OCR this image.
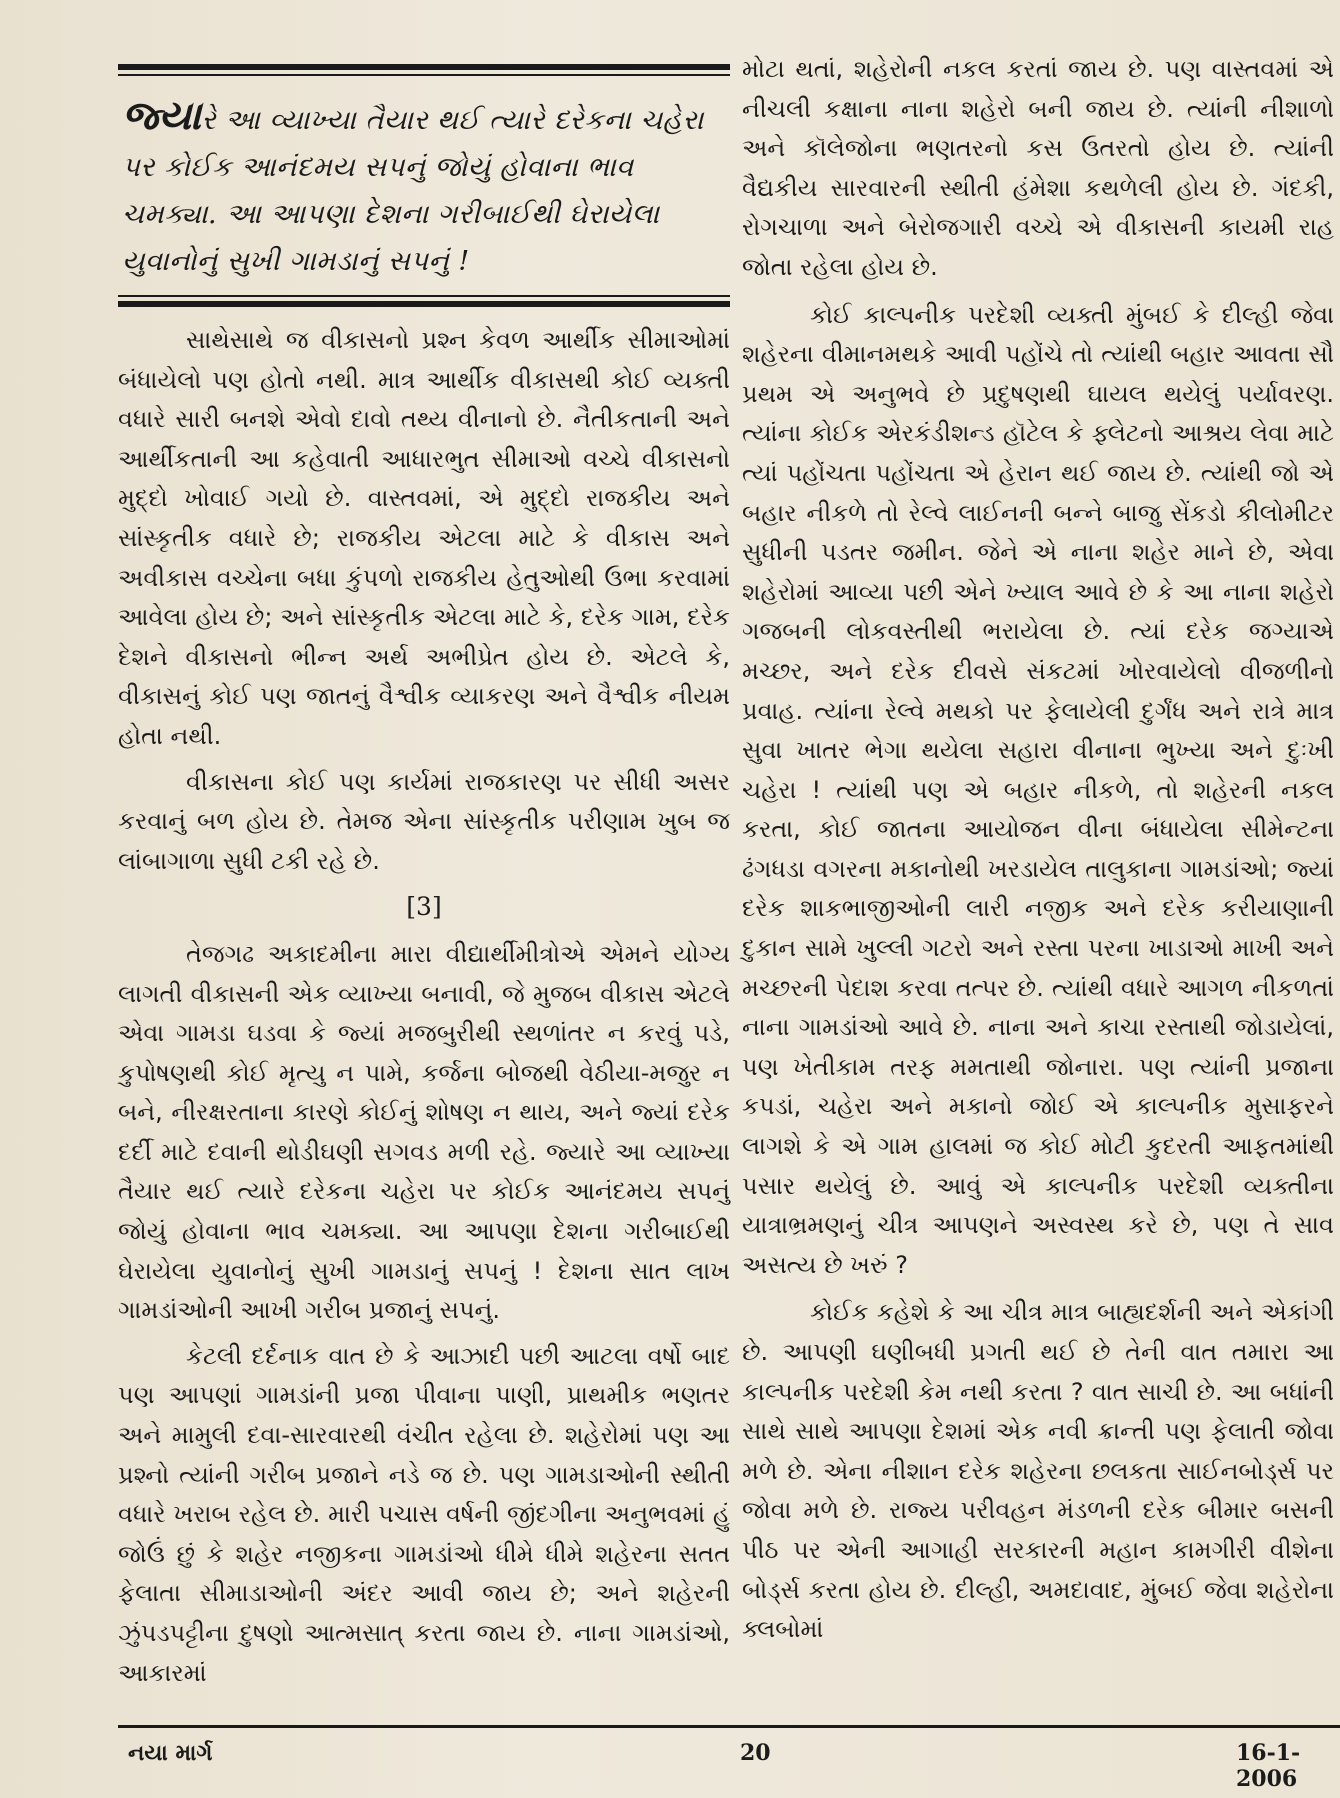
જ્યારે આ વ્યાખ્યા તૈયાર થઈ ત્યારે દરેકના ચહેરા પર કોઈક આનંદમય સપનું જોયું હોવાના ભાવ ચમક્યા. આ આપણા દેશના ગરીબાઈથી ઘેરાયેલા યુવાનોનું સુખી ગામડાનું સપનું !

સાથેસાથે જ વીકાસનો પ્રશ્ન કેવળ આર્થીક સીમાઓમાં બંધાયેલો પણ હોતો નથી. માત્ર આર્થીક વીકાસથી કોઈ વ્યક્તી વધારે સારી બનશે એવો દાવો તથ્ય વીનાનો છે. નૈતીકતાની અને આર્થીકતાની આ કહેવાતી આધારભુત સીમાઓ વચ્ચે વીકાસનો મુદ્દો ખોવાઈ ગયો છે. વાસ્તવમાં, એ મુદ્દો રાજકીય અને સાંસ્કૃતીક વધારે છે; રાજકીય એટલા માટે કે વીકાસ અને અવીકાસ વચ્ચેના બધા કુંપળો રાજકીય હેતુઓથી ઉભા કરવામાં આવેલા હોય છે; અને સાંસ્કૃતીક એટલા માટે કે, દરેક ગામ, દરેક દેશને વીકાસનો ભીન્ન અર્થ અભીપ્રેત હોય છે. એટલે કે, વીકાસનું કોઈ પણ જાતનું વૈશ્વીક વ્યાકરણ અને વૈશ્વીક નીયમ હોતા નથી.

વીકાસના કોઈ પણ કાર્યમાં રાજકારણ પર સીધી અસર કરવાનું બળ હોય છે. તેમજ એના સાંસ્કૃતીક પરીણામ ખુબ જ લાંબાગાળા સુધી ટકી રહે છે.

[3]

તેજગઢ અકાદમીના મારા વીદ્યાર્થીમીત્રોએ એમને યોગ્ય લાગતી વીકાસની એક વ્યાખ્યા બનાવી, જે મુજબ વીકાસ એટલે એવા ગામડા ઘડવા કે જ્યાં મજબુરીથી સ્થળાંતર ન કરવું પડે, કુપોષણથી કોઈ મૃત્યુ ન પામે, કર્જના બોજથી વેઠીયા-મજુર ન બને, નીરક્ષરતાના કારણે કોઈનું શોષણ ન થાય, અને જ્યાં દરેક દર્દી માટે દવાની થોડીઘણી સગવડ મળી રહે. જ્યારે આ વ્યાખ્યા તૈયાર થઈ ત્યારે દરેકના ચહેરા પર કોઈક આનંદમય સપનું જોયું હોવાના ભાવ ચમક્યા. આ આપણા દેશના ગરીબાઈથી ઘેરાયેલા યુવાનોનું સુખી ગામડાનું સપનું ! દેશના સાત લાખ ગામડાંઓની આખી ગરીબ પ્રજાનું સપનું.

કેટલી દર્દનાક વાત છે કે આઝાદી પછી આટલા વર્ષો બાદ પણ આપણાં ગામડાંની પ્રજા પીવાના પાણી, પ્રાથમીક ભણતર અને મામુલી દવા-સારવારથી વંચીત રહેલા છે. શહેરોમાં પણ આ પ્રશ્નો ત્યાંની ગરીબ પ્રજાને નડે જ છે. પણ ગામડાઓની સ્થીતી વધારે ખરાબ રહેલ છે. મારી પચાસ વર્ષની જીંદગીના અનુભવમાં હું જોઉં છું કે શહેર નજીકના ગામડાંઓ ધીમે ધીમે શહેરના સતત ફેલાતા સીમાડાઓની અંદર આવી જાય છે; અને શહેરની ઝુંપડપટ્ટીના દુષણો આત્મસાત્ કરતા જાય છે. નાના ગામડાંઓ, આકારમાં

મોટા થતાં, શહેરોની નકલ કરતાં જાય છે. પણ વાસ્તવમાં એ નીચલી કક્ષાના નાના શહેરો બની જાય છે. ત્યાંની નીશાળો અને કૉલેજોના ભણતરનો કસ ઉતરતો હોય છે. ત્યાંની વૈદ્યકીય સારવારની સ્થીતી હંમેશા કથળેલી હોય છે. ગંદકી, રોગચાળા અને બેરોજગારી વચ્ચે એ વીકાસની કાયમી રાહ જોતા રહેલા હોય છે.

કોઈ કાલ્પનીક પરદેશી વ્યક્તી મુંબઈ કે દીલ્હી જેવા શહેરના વીમાનમથકે આવી પહોંચે તો ત્યાંથી બહાર આવતા સૌ પ્રથમ એ અનુભવે છે પ્રદુષણથી ઘાયલ થયેલું પર્યાવરણ. ત્યાંના કોઈક એરકંડીશન્ડ હૉટેલ કે ફ્લેટનો આશ્રય લેવા માટે ત્યાં પહોંચતા પહોંચતા એ હેરાન થઈ જાય છે. ત્યાંથી જો એ બહાર નીકળે તો રેલ્વે લાઈનની બન્ને બાજુ સેંકડો કીલોમીટર સુધીની પડતર જમીન. જેને એ નાના શહેર માને છે, એવા શહેરોમાં આવ્યા પછી એને ખ્યાલ આવે છે કે આ નાના શહેરો ગજબની લોકવસ્તીથી ભરાયેલા છે. ત્યાં દરેક જગ્યાએ મચ્છર, અને દરેક દીવસે સંકટમાં ખોરવાયેલો વીજળીનો પ્રવાહ. ત્યાંના રેલ્વે મથકો પર ફેલાયેલી દુર્ગંધ અને રાત્રે માત્ર સુવા ખાતર ભેગા થયેલા સહારા વીનાના ભુખ્યા અને દુઃખી ચહેરા ! ત્યાંથી પણ એ બહાર નીકળે, તો શહેરની નકલ કરતા, કોઈ જાતના આયોજન વીના બંધાયેલા સીમેન્ટના ઢંગધડા વગરના મકાનોથી ખરડાયેલ તાલુકાના ગામડાંઓ; જ્યાં દરેક શાકભાજીઓની લારી નજીક અને દરેક કરીયાણાની દુકાન સામે ખુલ્લી ગટરો અને રસ્તા પરના ખાડાઓ માખી અને મચ્છરની પેદાશ કરવા તત્પર છે. ત્યાંથી વધારે આગળ નીકળતાં નાના ગામડાંઓ આવે છે. નાના અને કાચા રસ્તાથી જોડાયેલાં, પણ ખેતીકામ તરફ મમતાથી જોનારા. પણ ત્યાંની પ્રજાના કપડાં, ચહેરા અને મકાનો જોઈ એ કાલ્પનીક મુસાફરને લાગશે કે એ ગામ હાલમાં જ કોઈ મોટી કુદરતી આફતમાંથી પસાર થયેલું છે. આવું એ કાલ્પનીક પરદેશી વ્યક્તીના યાત્રાભ્રમણનું ચીત્ર આપણને અસ્વસ્થ કરે છે, પણ તે સાવ અસત્ય છે ખરું ?

કોઈક કહેશે કે આ ચીત્ર માત્ર બાહ્યદર્શની અને એકાંગી છે. આપણી ઘણીબધી પ્રગતી થઈ છે તેની વાત તમારા આ કાલ્પનીક પરદેશી કેમ નથી કરતા ? વાત સાચી છે. આ બધાંની સાથે સાથે આપણા દેશમાં એક નવી ક્રાન્તી પણ ફેલાતી જોવા મળે છે. એના નીશાન દરેક શહેરના છલકતા સાઈનબોર્ડ્સ પર જોવા મળે છે. રાજ્ય પરીવહન મંડળની દરેક બીમાર બસની પીઠ પર એની આગાહી સરકારની મહાન કામગીરી વીશેના બોર્ડ્સ કરતા હોય છે. દીલ્હી, અમદાવાદ, મુંબઈ જેવા શહેરોના ક્લબોમાં

નયા માર્ગ	20	16-1-2006
